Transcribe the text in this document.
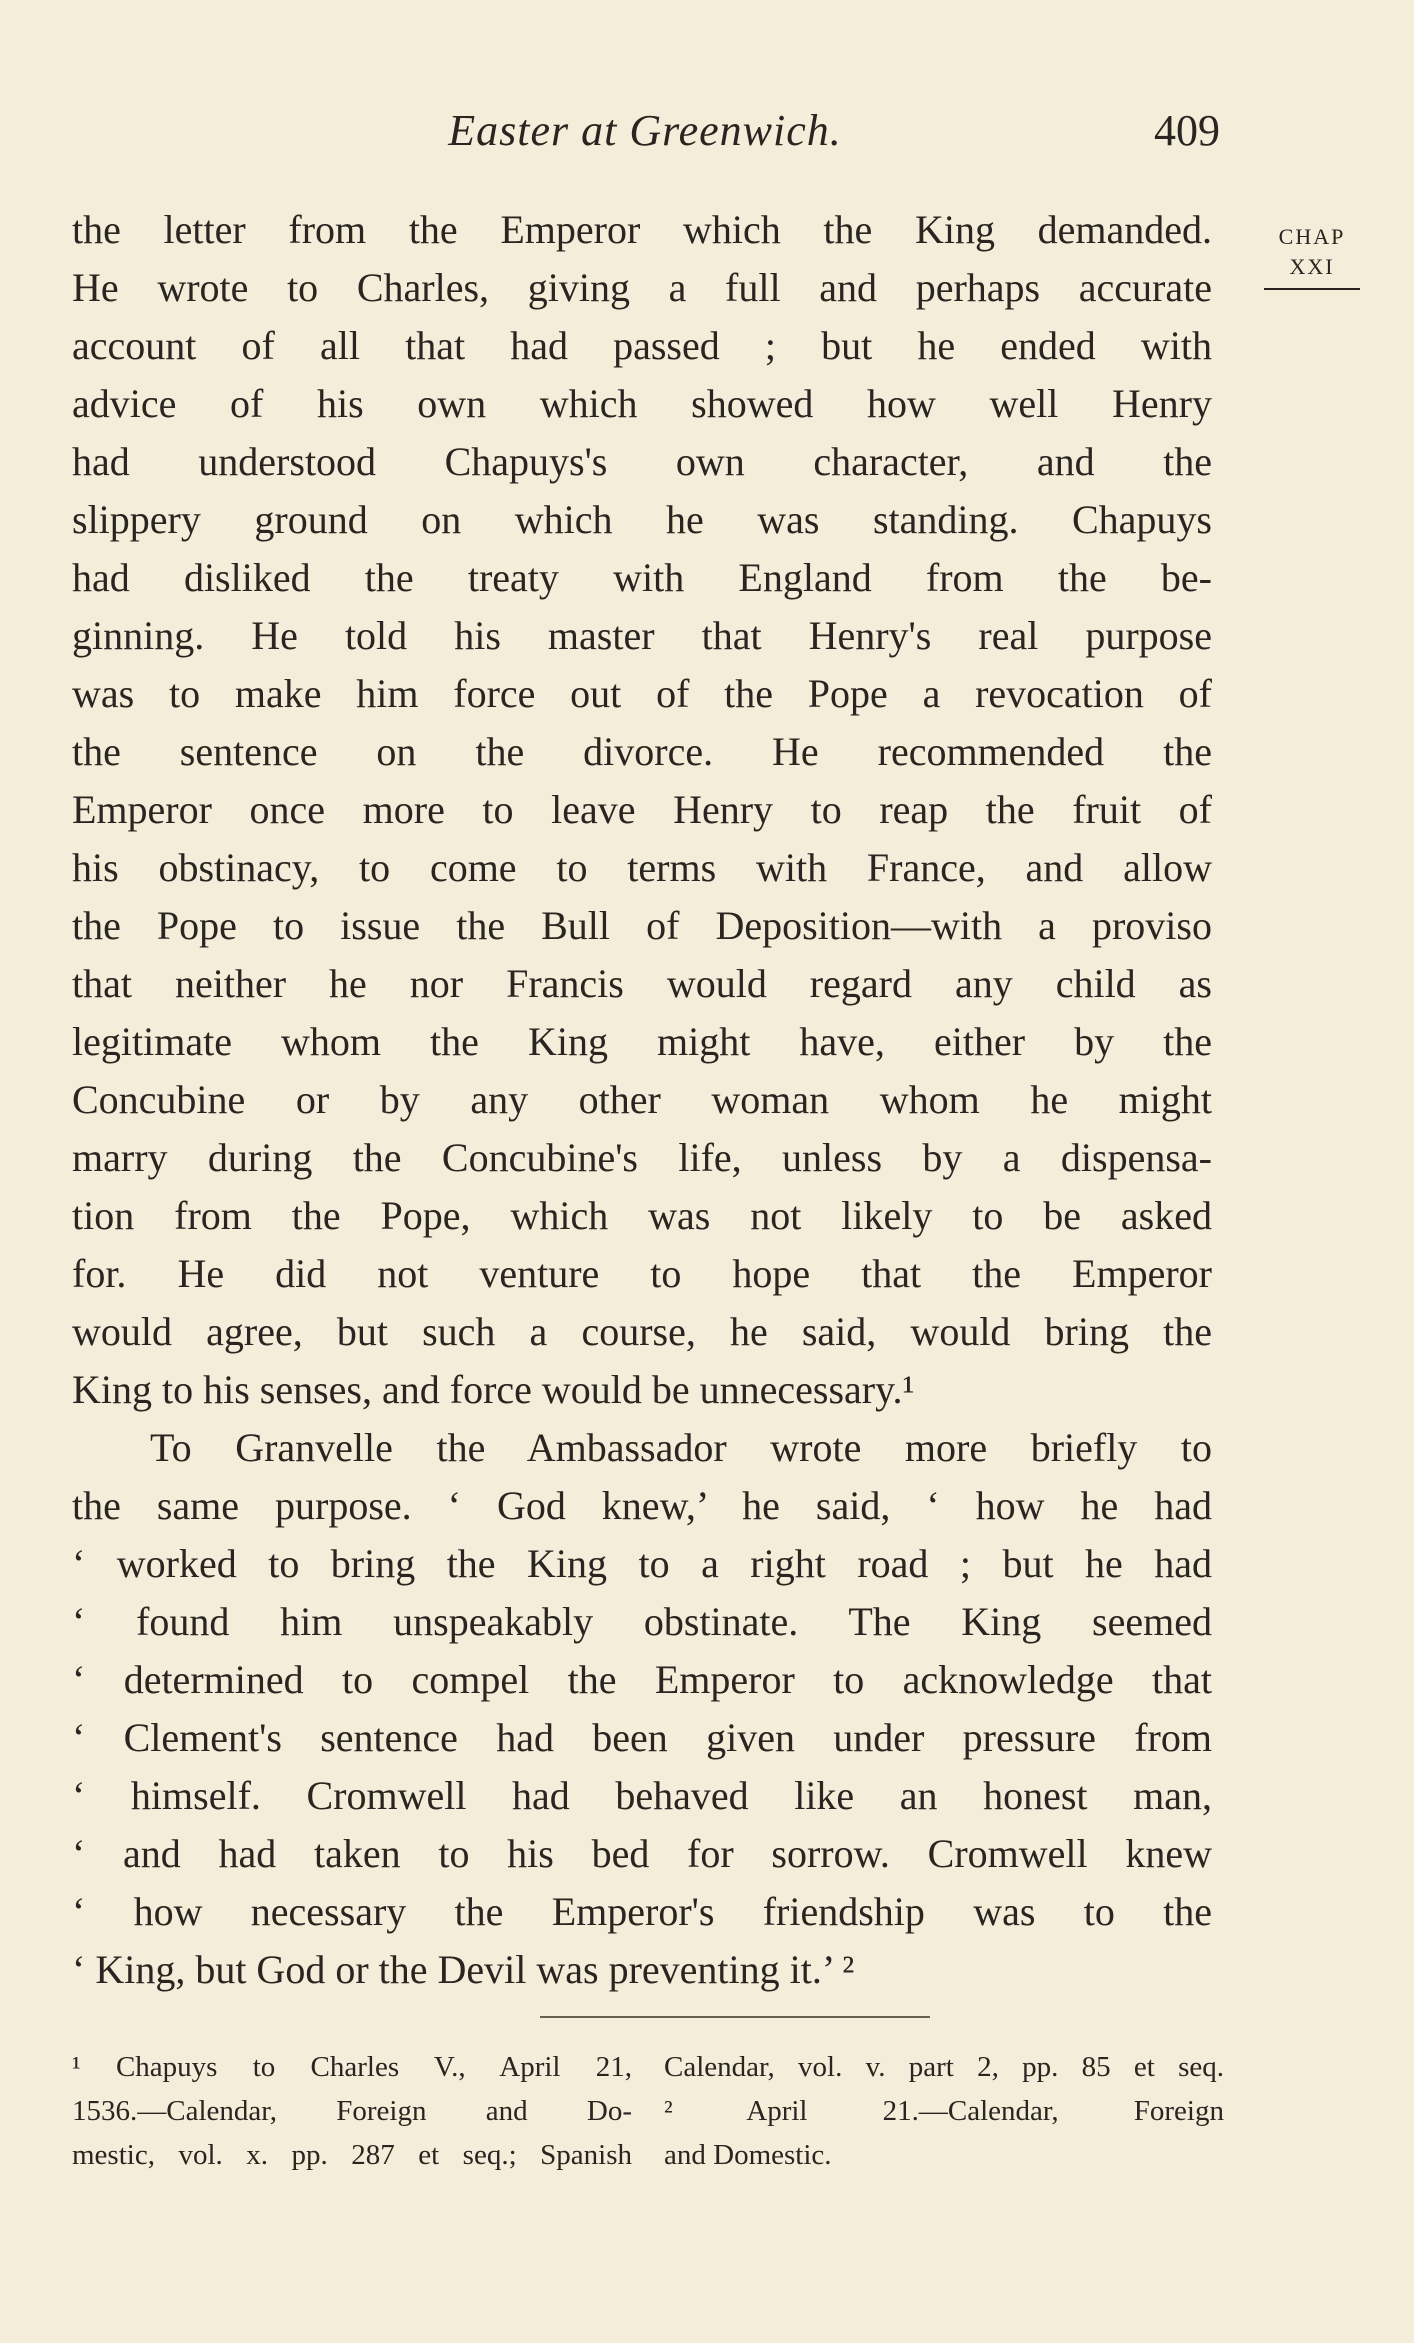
Easter at Greenwich.	409
CHAP
XXI
the letter from the Emperor which the King demanded.
He wrote to Charles, giving a full and perhaps accurate
account of all that had passed ; but he ended with
advice of his own which showed how well Henry
had understood Chapuys's own character, and the
slippery ground on which he was standing. Chapuys
had disliked the treaty with England from the be-
ginning. He told his master that Henry's real purpose
was to make him force out of the Pope a revocation of
the sentence on the divorce. He recommended the
Emperor once more to leave Henry to reap the fruit of
his obstinacy, to come to terms with France, and allow
the Pope to issue the Bull of Deposition—with a proviso
that neither he nor Francis would regard any child as
legitimate whom the King might have, either by the
Concubine or by any other woman whom he might
marry during the Concubine's life, unless by a dispensa-
tion from the Pope, which was not likely to be asked
for. He did not venture to hope that the Emperor
would agree, but such a course, he said, would bring the
King to his senses, and force would be unnecessary.¹
To Granvelle the Ambassador wrote more briefly to
the same purpose. ‘ God knew,’ he said, ‘ how he had
‘ worked to bring the King to a right road ; but he had
‘ found him unspeakably obstinate. The King seemed
‘ determined to compel the Emperor to acknowledge that
‘ Clement's sentence had been given under pressure from
‘ himself. Cromwell had behaved like an honest man,
‘ and had taken to his bed for sorrow. Cromwell knew
‘ how necessary the Emperor's friendship was to the
‘ King, but God or the Devil was preventing it.’ ²
¹ Chapuys to Charles V., April 21,
1536.—Calendar, Foreign and Do-
mestic, vol. x. pp. 287 et seq.; Spanish
Calendar, vol. v. part 2, pp. 85 et seq.
² April 21.—Calendar, Foreign
and Domestic.
